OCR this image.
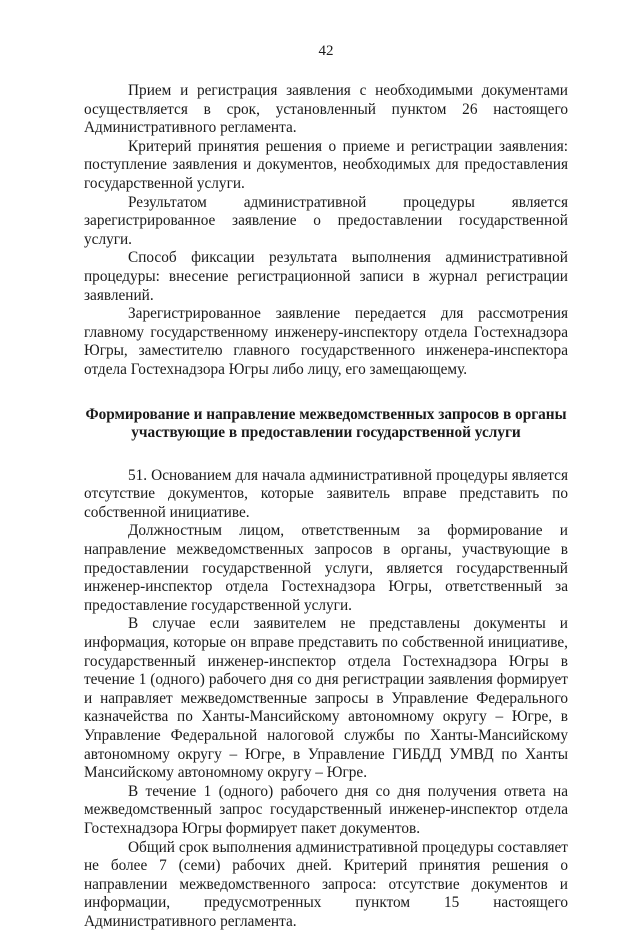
42

Прием и регистрация заявления с необходимыми документами осуществляется в срок, установленный пунктом 26 настоящего Административного регламента.

Критерий принятия решения о приеме и регистрации заявления: поступление заявления и документов, необходимых для предоставления государственной услуги.

Результатом административной процедуры является зарегистрированное заявление о предоставлении государственной услуги.

Способ фиксации результата выполнения административной процедуры: внесение регистрационной записи в журнал регистрации заявлений.

Зарегистрированное заявление передается для рассмотрения главному государственному инженеру-инспектору отдела Гостехнадзора Югры, заместителю главного государственного инженера-инспектора отдела Гостехнадзора Югры либо лицу, его замещающему.

Формирование и направление межведомственных запросов в органы участвующие в предоставлении государственной услуги

51. Основанием для начала административной процедуры является отсутствие документов, которые заявитель вправе представить по собственной инициативе.

Должностным лицом, ответственным за формирование и направление межведомственных запросов в органы, участвующие в предоставлении государственной услуги, является государственный инженер-инспектор отдела Гостехнадзора Югры, ответственный за предоставление государственной услуги.

В случае если заявителем не представлены документы и информация, которые он вправе представить по собственной инициативе, государственный инженер-инспектор отдела Гостехнадзора Югры в течение 1 (одного) рабочего дня со дня регистрации заявления формирует и направляет межведомственные запросы в Управление Федерального казначейства по Ханты-Мансийскому автономному округу – Югре, в Управление Федеральной налоговой службы по Ханты-Мансийскому автономному округу – Югре, в Управление ГИБДД УМВД по Ханты Мансийскому автономному округу – Югре.

В течение 1 (одного) рабочего дня со дня получения ответа на межведомственный запрос государственный инженер-инспектор отдела Гостехнадзора Югры формирует пакет документов.

Общий срок выполнения административной процедуры составляет не более 7 (семи) рабочих дней. Критерий принятия решения о направлении межведомственного запроса: отсутствие документов и информации, предусмотренных пунктом 15 настоящего Административного регламента.
